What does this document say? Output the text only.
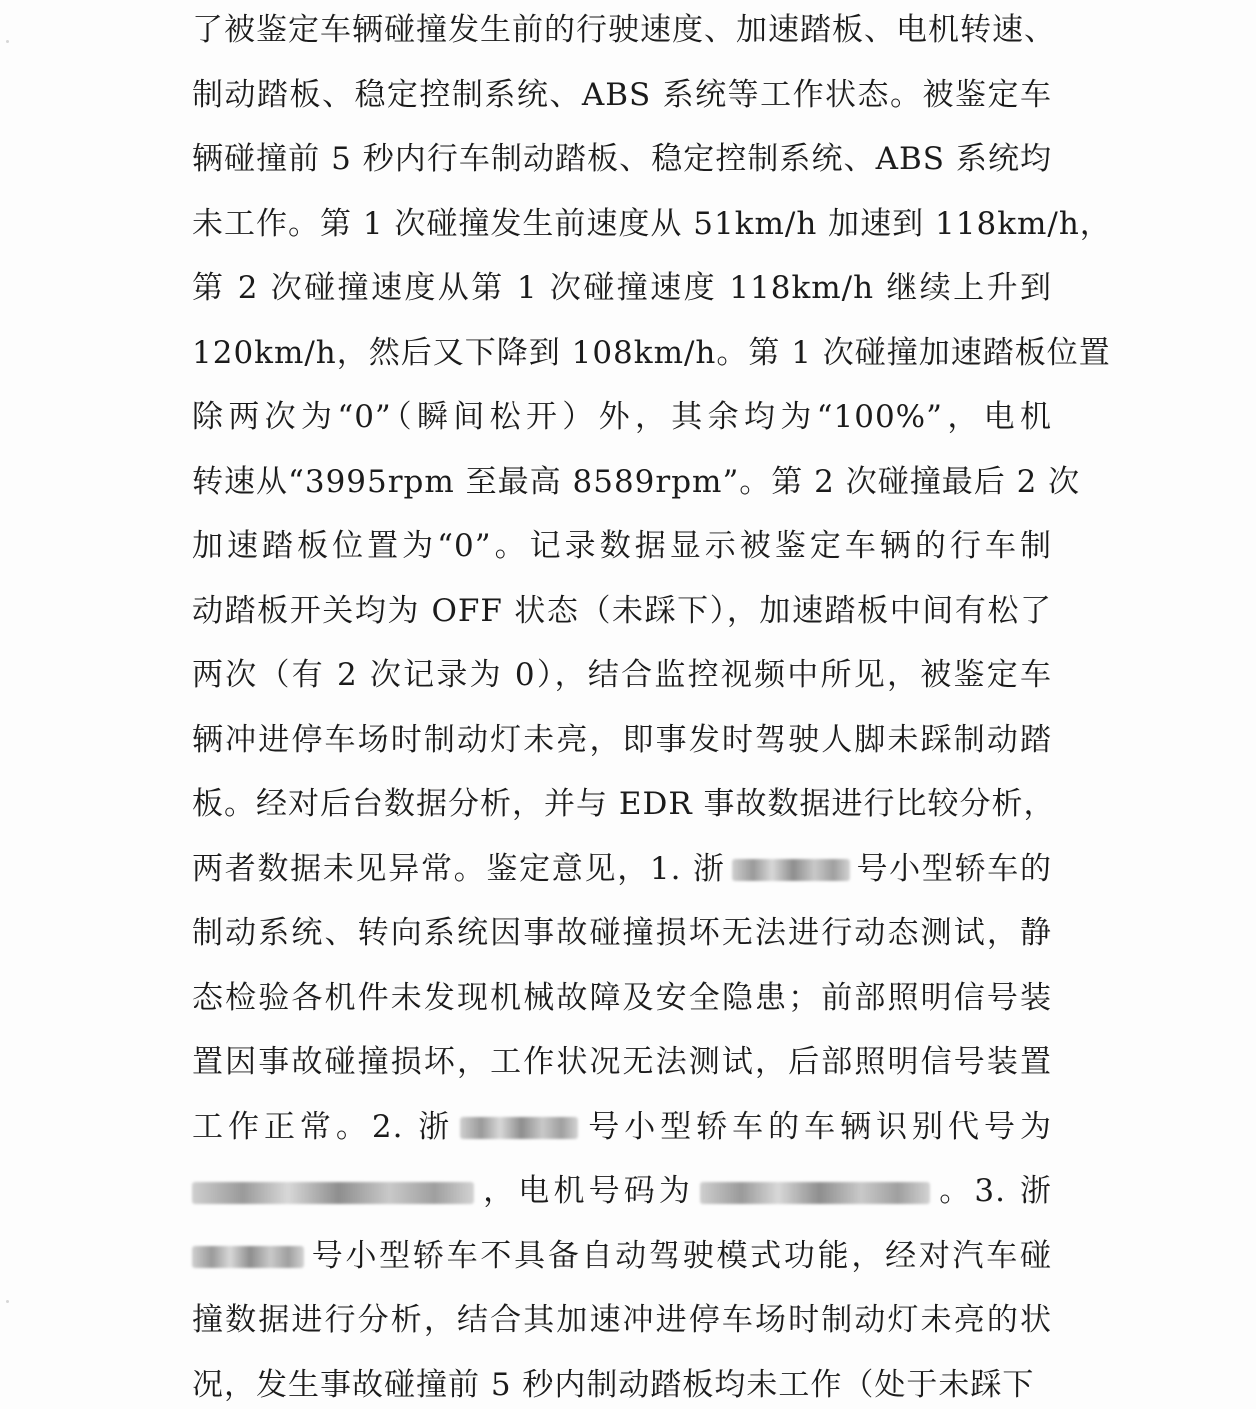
了被鉴定车辆碰撞发生前的行驶速度、加速踏板、电机转速、
制动踏板、稳定控制系统、ABS 系统等工作状态。被鉴定车
辆碰撞前 5 秒内行车制动踏板、稳定控制系统、ABS 系统均
未工作。第 1 次碰撞发生前速度从 51km/h 加速到 118km/h，
第 2 次碰撞速度从第 1 次碰撞速度 118km/h 继续上升到
120km/h，然后又下降到 108km/h。第 1 次碰撞加速踏板位置
除两次为“0”（瞬间松开）外，其余均为“100%”，电机
转速从“3995rpm 至最高 8589rpm”。第 2 次碰撞最后 2 次
加速踏板位置为“0”。记录数据显示被鉴定车辆的行车制
动踏板开关均为 OFF 状态（未踩下），加速踏板中间有松了
两次（有 2 次记录为 0），结合监控视频中所见，被鉴定车
辆冲进停车场时制动灯未亮，即事发时驾驶人脚未踩制动踏
板。经对后台数据分析，并与 EDR 事故数据进行比较分析，
两者数据未见异常。鉴定意见，1. 浙	号小型轿车的
制动系统、转向系统因事故碰撞损坏无法进行动态测试，静
态检验各机件未发现机械故障及安全隐患；前部照明信号装
置因事故碰撞损坏，工作状况无法测试，后部照明信号装置
工作正常。2. 浙	号小型轿车的车辆识别代号为
，电机号码为	。3. 浙
号小型轿车不具备自动驾驶模式功能，经对汽车碰
撞数据进行分析，结合其加速冲进停车场时制动灯未亮的状
况，发生事故碰撞前 5 秒内制动踏板均未工作（处于未踩下
